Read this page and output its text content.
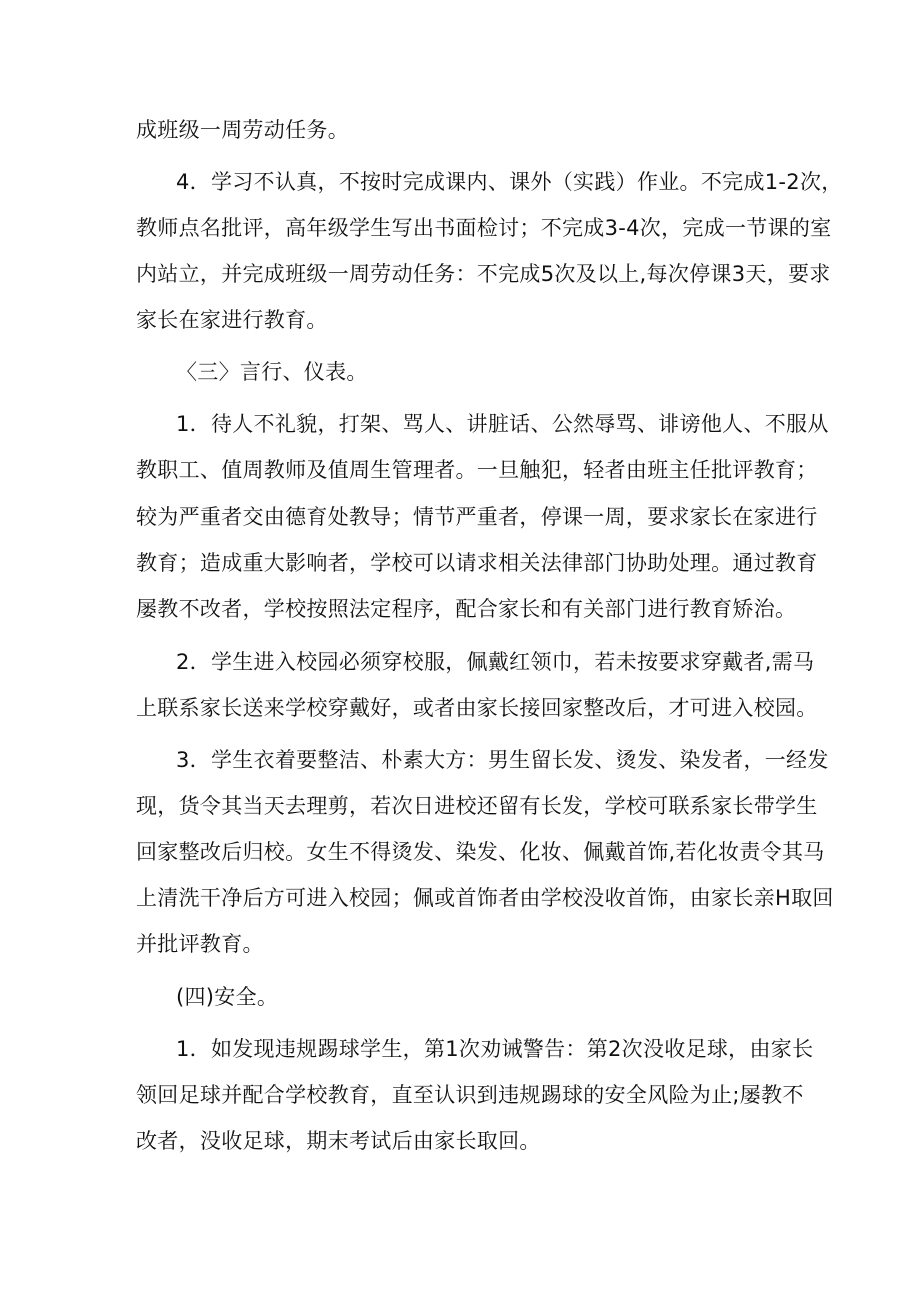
成班级一周劳动任务。
4．学习不认真，不按时完成课内、课外（实践）作业。不完成1-2次，
教师点名批评，高年级学生写出书面检讨；不完成3-4次，完成一节课的室
内站立，并完成班级一周劳动任务：不完成5次及以上,每次停课3天，要求
家长在家进行教育。
〈三〉言行、仪表。
1．待人不礼貌，打架、骂人、讲脏话、公然辱骂、诽谤他人、不服从
教职工、值周教师及值周生管理者。一旦触犯，轻者由班主任批评教育；
较为严重者交由德育处教导；情节严重者，停课一周，要求家长在家进行
教育；造成重大影响者，学校可以请求相关法律部门协助处理。通过教育
屡教不改者，学校按照法定程序，配合家长和有关部门进行教育矫治。
2．学生进入校园必须穿校服，佩戴红领巾，若未按要求穿戴者,需马
上联系家长送来学校穿戴好，或者由家长接回家整改后，才可进入校园。
3．学生衣着要整洁、朴素大方：男生留长发、烫发、染发者，一经发
现，货令其当天去理剪，若次日进校还留有长发，学校可联系家长带学生
回家整改后归校。女生不得烫发、染发、化妆、佩戴首饰,若化妆责令其马
上清洗干净后方可进入校园；佩或首饰者由学校没收首饰，由家长亲H取回
并批评教育。
(四)安全。
1．如发现违规踢球学生，第1次劝诫警告：第2次没收足球，由家长
领回足球并配合学校教育，直至认识到违规踢球的安全风险为止;屡教不
改者，没收足球，期末考试后由家长取回。
